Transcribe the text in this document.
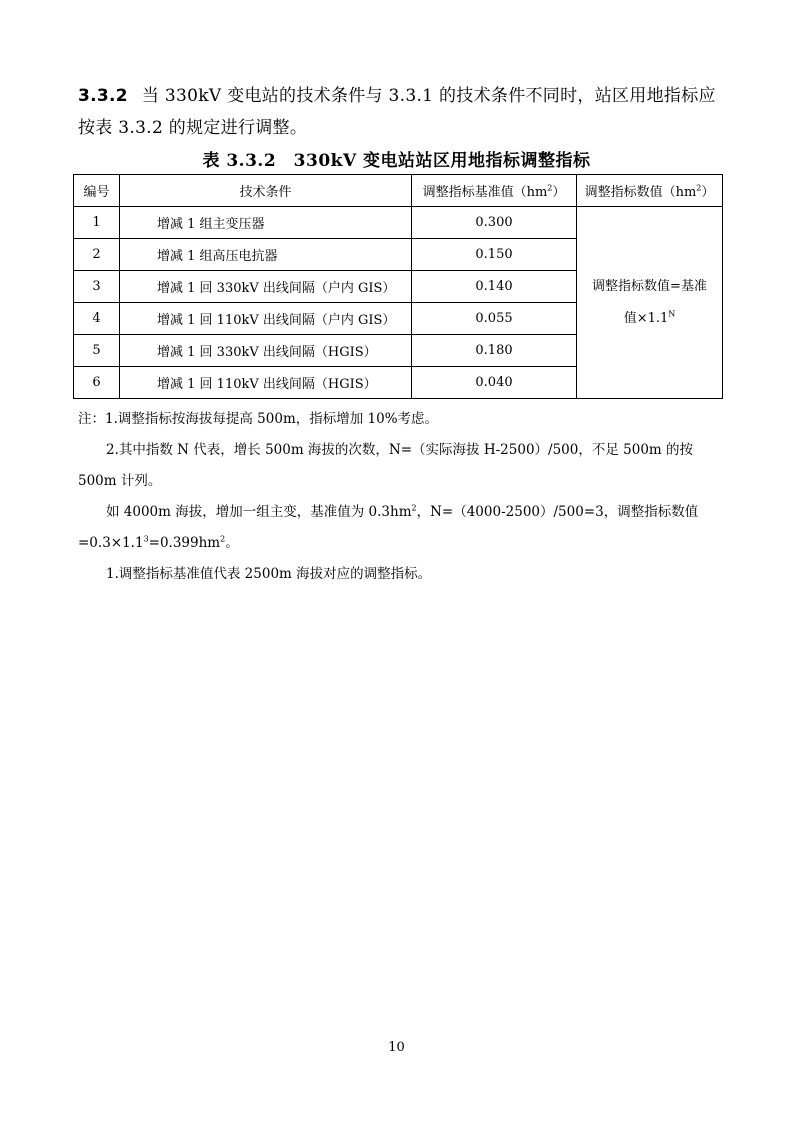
3.3.2 当 330kV 变电站的技术条件与 3.3.1 的技术条件不同时，站区用地指标应按表 3.3.2 的规定进行调整。
表 3.3.2　330kV 变电站站区用地指标调整指标
编号	技术条件	调整指标基准值$(hm^2)$	调整指标数值$(hm^2)$
1	增减 1 组主变压器	0.300	调整指标数值=基准
值$\times 1.1^N$

2	增减 1 组高压电抗器	0.150	
3	增减 1 回 330kV 出线间隔（户内 GIS）	0.140	
4	增减 1 回 110kV 出线间隔（户内 GIS）	0.055	
5	增减 1 回 330kV 出线间隔（HGIS）	0.180	
6	增减 1 回 110kV 出线间隔（HGIS）	0.040	

注：1.调整指标按海拔每提高 500m，指标增加 10%考虑。

2.其中指数 N 代表，增长 500m 海拔的次数，N=（实际海拔 H-2500）/500，不足 500m 的按 500m 计列。

如 4000m 海拔，增加一组主变，基准值为 $0.3hm^2$，N=（4000-2500）/500=3，调整指标数值$=0.3\times 1.1^3=0.399hm^2$。

1.调整指标基准值代表 2500m 海拔对应的调整指标。

10
